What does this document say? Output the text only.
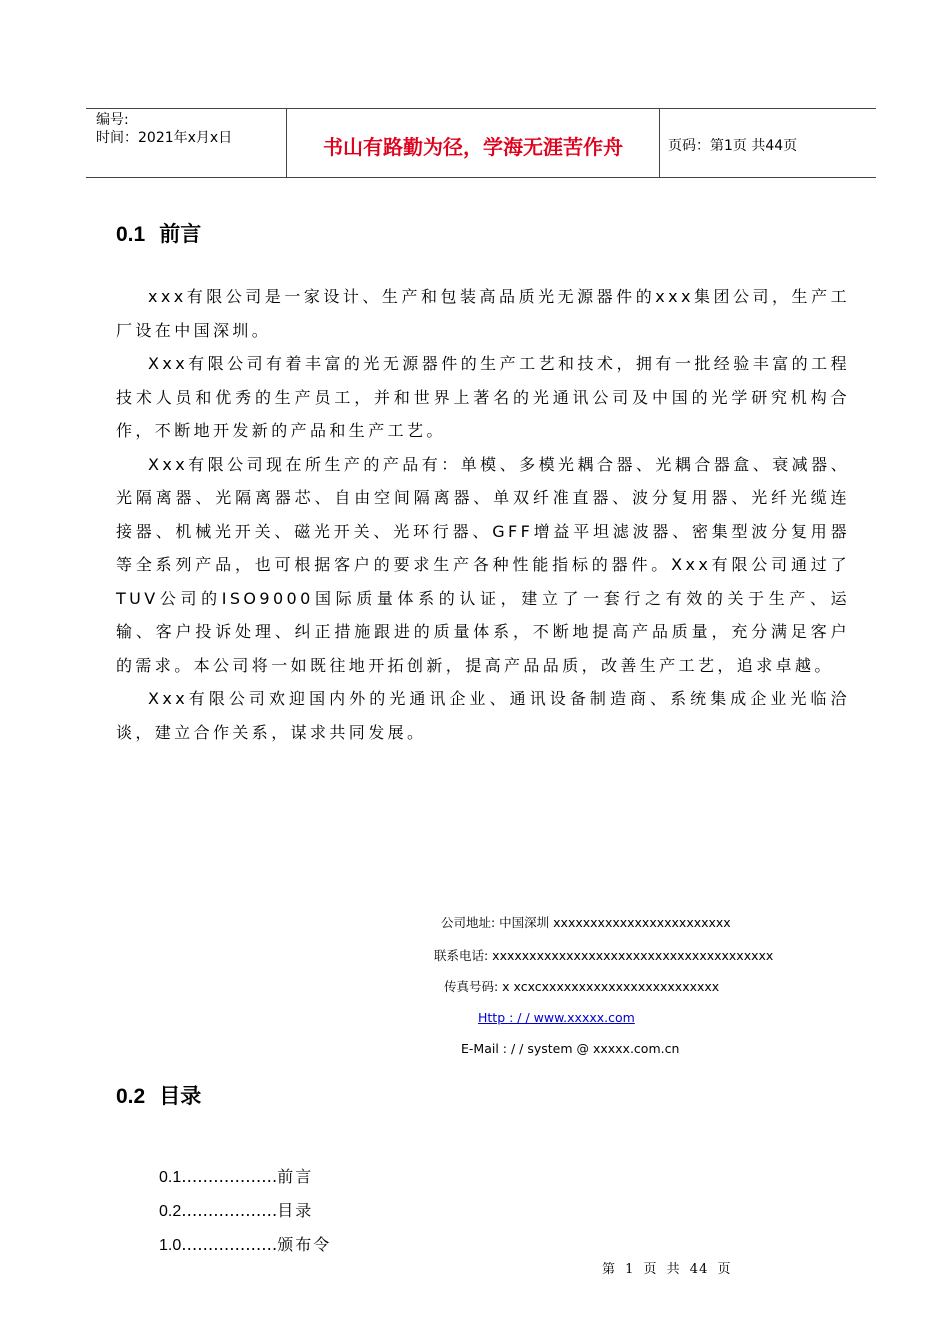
编号:
时间：2021年x月x日	书山有路勤为径，学海无涯苦作舟	页码：第1页 共44页
0.1 前言

xxx有限公司是一家设计、生产和包装高品质光无源器件的xxx集团公司，生产工厂设在中国深圳。

Xxx有限公司有着丰富的光无源器件的生产工艺和技术，拥有一批经验丰富的工程技术人员和优秀的生产员工，并和世界上著名的光通讯公司及中国的光学研究机构合作，不断地开发新的产品和生产工艺。

Xxx有限公司现在所生产的产品有：单模、多模光耦合器、光耦合器盒、衰减器、光隔离器、光隔离器芯、自由空间隔离器、单双纤准直器、波分复用器、光纤光缆连接器、机械光开关、磁光开关、光环行器、GFF增益平坦滤波器、密集型波分复用器等全系列产品，也可根据客户的要求生产各种性能指标的器件。Xxx有限公司通过了TUV公司的ISO9000国际质量体系的认证，建立了一套行之有效的关于生产、运输、客户投诉处理、纠正措施跟进的质量体系，不断地提高产品质量，充分满足客户的需求。本公司将一如既往地开拓创新，提高产品品质，改善生产工艺，追求卓越。

Xxx有限公司欢迎国内外的光通讯企业、通讯设备制造商、系统集成企业光临洽谈，建立合作关系，谋求共同发展。

公司地址: 中国深圳 xxxxxxxxxxxxxxxxxxxxxxxx
联系电话: xxxxxxxxxxxxxxxxxxxxxxxxxxxxxxxxxxxxxx
传真号码: x xcxcxxxxxxxxxxxxxxxxxxxxxxxx
Http : / / www.xxxxx.com
E-Mail : / / system @ xxxxx.com.cn
0.2 目录
0.1………………前言
0.2………………目录
1.0………………颁布令
第 1 页 共 44 页
